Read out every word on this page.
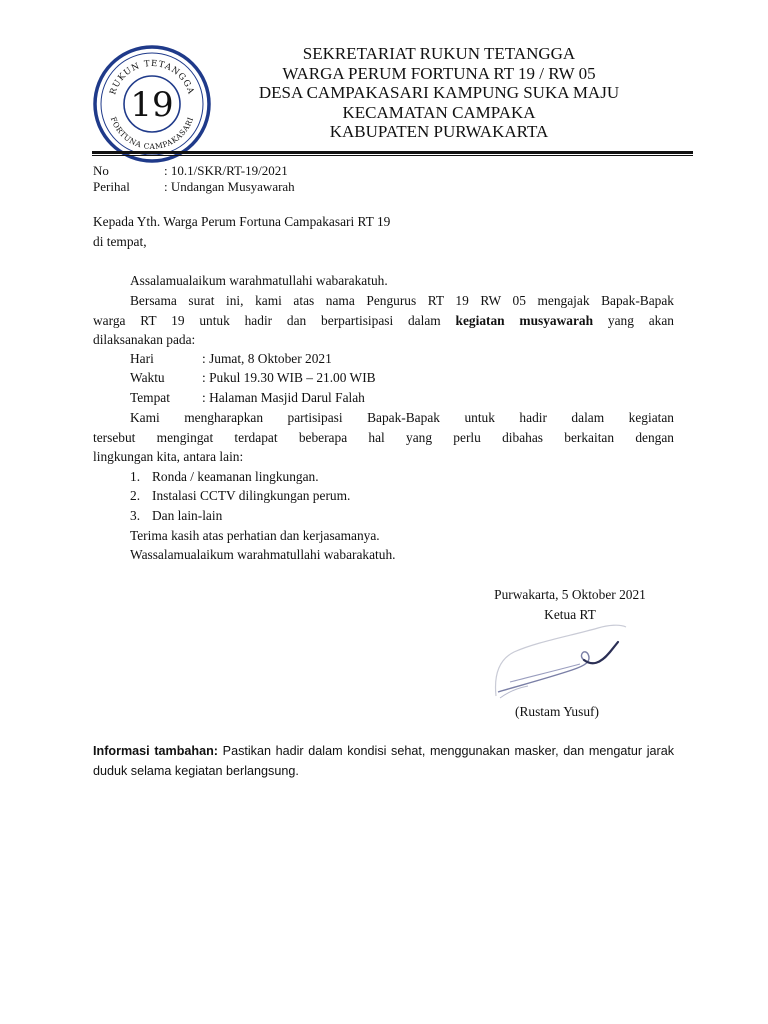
RUKUN TETANGGA
FORTUNA CAMPAKASARI
19
SEKRETARIAT RUKUN TETANGGA
WARGA PERUM FORTUNA RT 19 / RW 05
DESA CAMPAKASARI KAMPUNG SUKA MAJU
KECAMATAN CAMPAKA
KABUPATEN PURWAKARTA
No	: 10.1/SKR/RT-19/2021
Perihal	: Undangan Musyawarah
Kepada Yth. Warga Perum Fortuna Campakasari RT 19
di tempat,
Assalamualaikum warahmatullahi wabarakatuh.
Bersama surat ini, kami atas nama Pengurus RT 19 RW 05 mengajak Bapak-Bapak
warga RT 19 untuk hadir dan berpartisipasi dalam kegiatan musyawarah yang akan
dilaksanakan pada:
Hari	: Jumat, 8 Oktober 2021
Waktu	: Pukul 19.30 WIB – 21.00 WIB
Tempat : Halaman Masjid Darul Falah
Kami mengharapkan partisipasi Bapak-Bapak untuk hadir dalam kegiatan
tersebut mengingat terdapat beberapa hal yang perlu dibahas berkaitan dengan
lingkungan kita, antara lain:
1. Ronda / keamanan lingkungan.
2. Instalasi CCTV dilingkungan perum.
3. Dan lain-lain
Terima kasih atas perhatian dan kerjasamanya.
Wassalamualaikum warahmatullahi wabarakatuh.
Purwakarta, 5 Oktober 2021
Ketua RT
(Rustam Yusuf)
Informasi tambahan: Pastikan hadir dalam kondisi sehat, menggunakan masker, dan mengatur jarak duduk selama kegiatan berlangsung.
